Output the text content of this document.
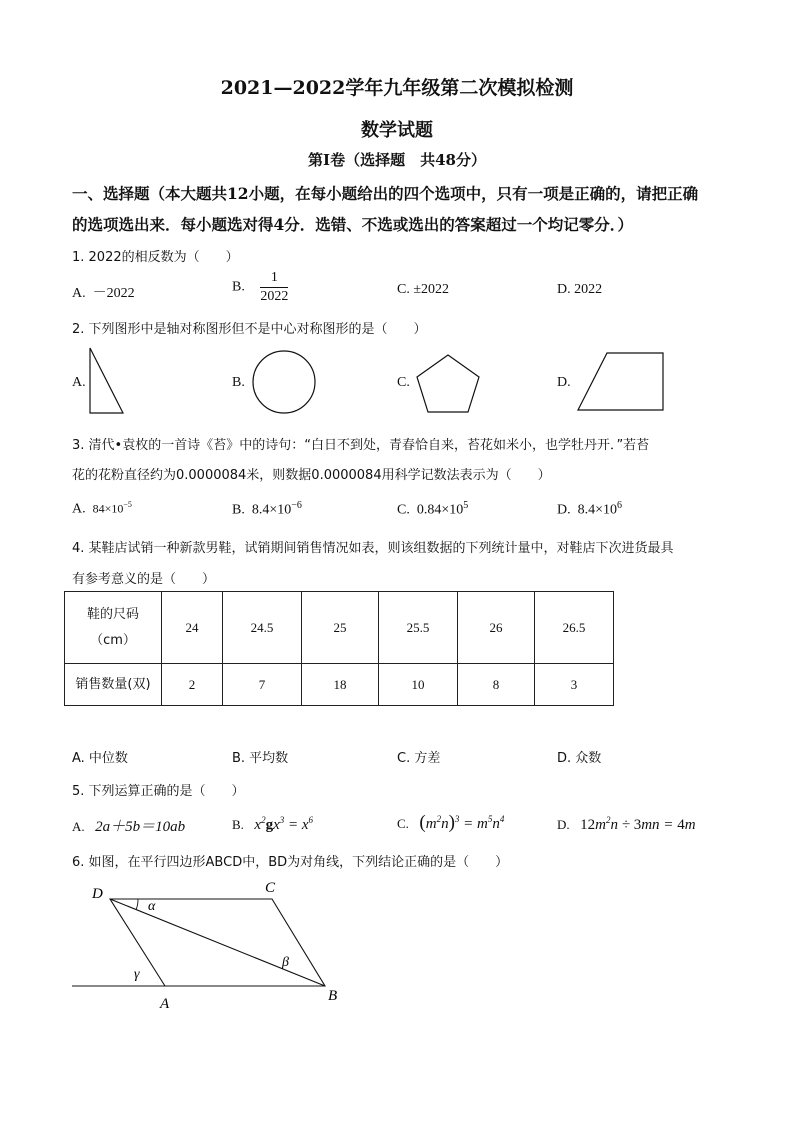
2021—2022学年九年级第二次模拟检测
数学试题
第Ⅰ卷（选择题　共48分）
一、选择题（本大题共12小题，在每小题给出的四个选项中，只有一项是正确的，请把正确
的选项选出来．每小题选对得4分．选错、不选或选出的答案超过一个均记零分．）
1. 2022的相反数为（　　）
A. －2022	B. $\frac{1}{2022}$	C. ±2022	D. 2022
2. 下列图形中是轴对称图形但不是中心对称图形的是（　　）
A.	B.	C.	D.
3. 清代•袁枚的一首诗《苔》中的诗句：“白日不到处，青春恰自来，苔花如米小，也学牡丹开．”若苔
花的花粉直径约为0.0000084米，则数据0.0000084用科学记数法表示为（　　）
A. $84\times 10^{-5}$	B. $8.4\times 10^{-6}$	C. $0.84\times 10^5$	D. $8.4\times 10^6$
4. 某鞋店试销一种新款男鞋，试销期间销售情况如表，则该组数据的下列统计量中，对鞋店下次进货最具
有参考意义的是（　　）
鞋的尺码
（cm）	24	24.5	25	25.5	26	26.5
销售数量(双)	2	7	18	10	8	3
A. 中位数	B. 平均数	C. 方差	D. 众数
5. 下列运算正确的是（　　）
A. 2a＋5b＝10ab	B. $x^2gx^3 = x^6$	C. $(m^2n)^3 = m^5n^4$	D. $12m^2n \div 3mn = 4m$
6. 如图，在平行四边形ABCD中，BD为对角线，下列结论正确的是（　　）
D	C
A	B
α
β
γ
